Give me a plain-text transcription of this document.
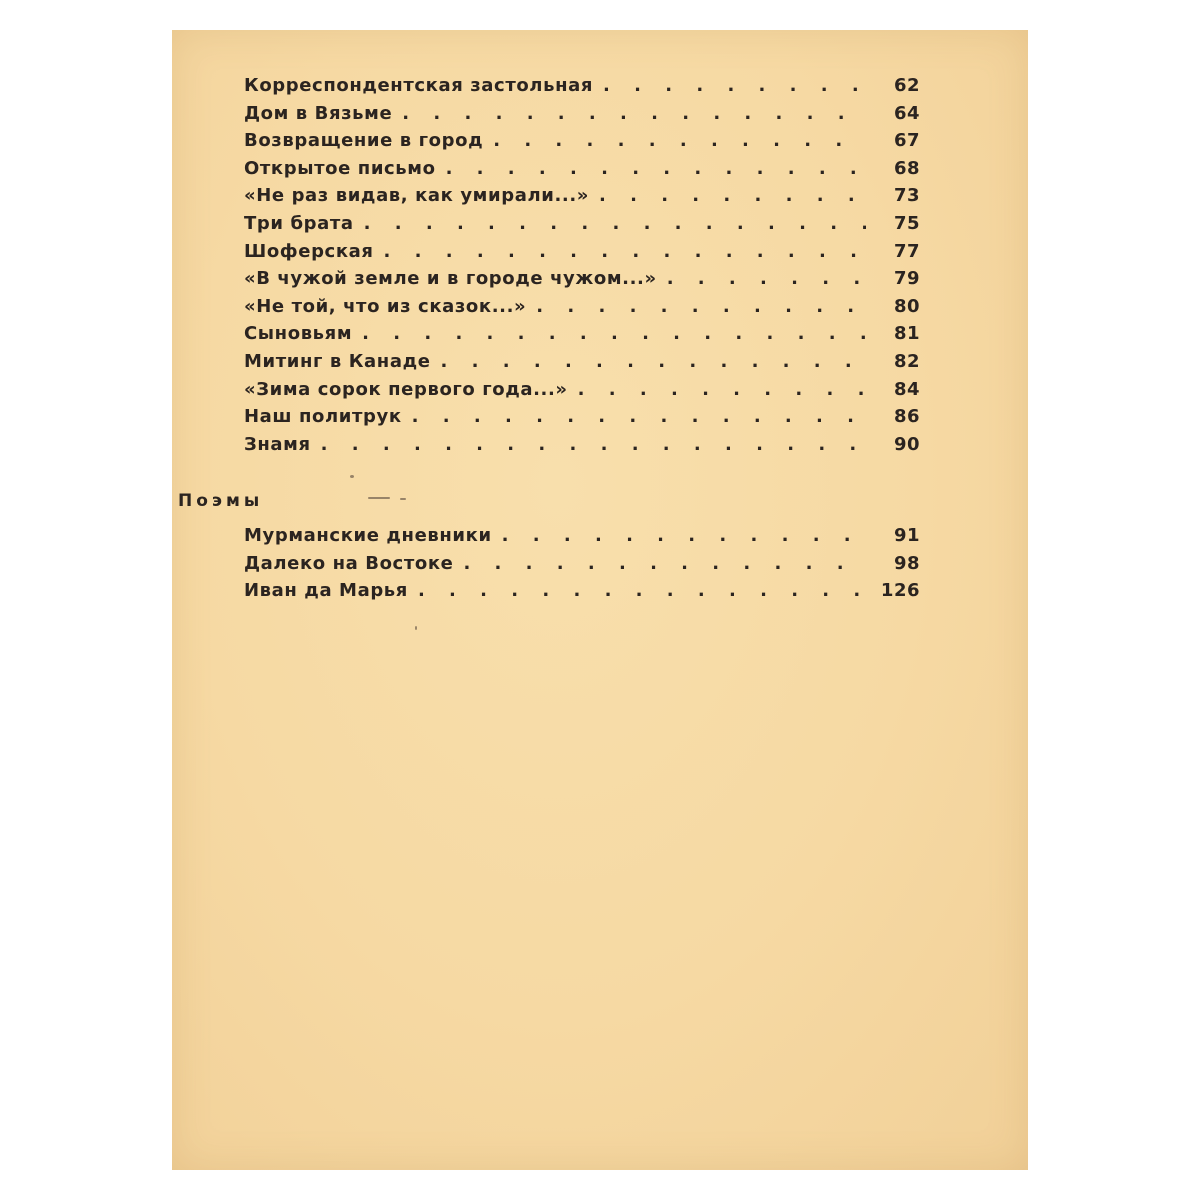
Корреспондентская застольная . . .	62
Дом в Вязьме . . .	64
Возвращение в город . . .	67
Открытое письмо . . .	68
«Не раз видав, как умирали...» . . .	73
Три брата . . .	75
Шоферская . . .	77
«В чужой земле и в городе чужом...» . . .	79
«Не той, что из сказок...» . . .	80
Сыновьям . . .	81
Митинг в Канаде . . .	82
«Зима сорок первого года...» . . .	84
Наш политрук . . .	86
Знамя . . .	90
Поэмы
Мурманские дневники . . .	91
Далеко на Востоке . . .	98
Иван да Марья . . .	126
